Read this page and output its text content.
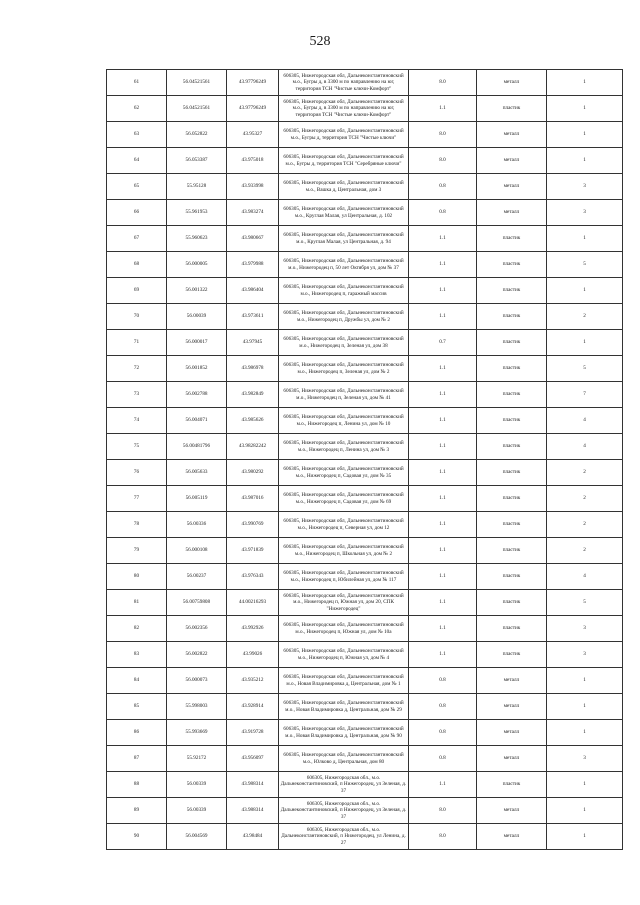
528
61	56.04521561	43.97796249	606305, Нижегородская обл, Дальнеконстантиновский м.о., Бугры д, в 3300 м по направлению на юг, территория ТСН "Чистые ключи-Комфорт"	8.0	металл	1
62	56.04521561	43.97796249	606305, Нижегородская обл, Дальнеконстантиновский м.о., Бугры д, в 3300 м по направлению на юг, территория ТСН "Чистые ключи-Комфорт"	1.1	пластик	1
63	56.052822	43.95327	606305, Нижегородская обл, Дальнеконстантиновский м.о., Бугры д, территория ТСН "Чистые ключи"	8.0	металл	1
64	56.053387	43.975018	606305, Нижегородская обл, Дальнеконстантиновский м.о., Бугры д, территория ТСН "Серебряные ключи"	8.0	металл	1
65	55.95128	43.933998	606305, Нижегородская обл, Дальнеконстантиновский м.о., Вашка д, Центральная, дом 3	0.8	металл	3
66	55.961953	43.983274	606305, Нижегородская обл, Дальнеконстантиновский м.о., Круглая Малая, ул Центральная, д. 102	0.8	металл	3
67	55.960623	43.980667	606305, Нижегородская обл, Дальнеконстантиновский м.о., Круглая Малая, ул Центральная, д. 94	1.1	пластик	1
68	56.000005	43.979988	606305, Нижегородская обл, Дальнеконстантиновский м.о., Нижегородец п, 50 лет Октября ул, дом № 37	1.1	пластик	5
69	56.001322	43.986404	606305, Нижегородская обл, Дальнеконстантиновский м.о., Нижегородец п, гаражный массив	1.1	пластик	1
70	56.00039	43.973611	606305, Нижегородская обл, Дальнеконстантиновский м.о., Нижегородец п, Дружбы ул, дом № 2	1.1	пластик	2
71	56.000017	43.97945	606305, Нижегородская обл, Дальнеконстантиновский м.о., Нижегородец п, Зеленая ул, дом 38	0.7	пластик	1
72	56.001852	43.986978	606305, Нижегородская обл, Дальнеконстантиновский м.о., Нижегородец п, Зеленая ул, дом № 2	1.1	пластик	5
73	56.002788	43.982849	606305, Нижегородская обл, Дальнеконстантиновский м.о., Нижегородец п, Зеленая ул, дом № 41	1.1	пластик	7
74	56.004071	43.985626	606305, Нижегородская обл, Дальнеконстантиновский м.о., Нижегородец п, Ленина ул, дом № 10	1.1	пластик	4
75	56.00481796	43.98282242	606305, Нижегородская обл, Дальнеконстантиновский м.о., Нижегородец п, Ленина ул, дом № 3	1.1	пластик	4
76	56.005633	43.980292	606305, Нижегородская обл, Дальнеконстантиновский м.о., Нижегородец п, Садовая ул, дом № 35	1.1	пластик	2
77	56.005119	43.987016	606305, Нижегородская обл, Дальнеконстантиновский м.о., Нижегородец п, Садовая ул, дом № 69	1.1	пластик	2
78	56.00336	43.990769	606305, Нижегородская обл, Дальнеконстантиновский м.о., Нижегородец п, Северная ул, дом 12	1.1	пластик	2
79	56.000108	43.971839	606305, Нижегородская обл, Дальнеконстантиновский м.о., Нижегородец п, Школьная ул, дом № 2	1.1	пластик	2
80	56.00237	43.976343	606305, Нижегородская обл, Дальнеконстантиновский м.о., Нижегородец п, Юбилейная ул, дом № 117	1.1	пластик	4
81	56.00759808	44.00216293	606305, Нижегородская обл, Дальнеконстантиновский м.о., Нижегородец п, Южная ул, дом 20, СПК "Нижегородец"	1.1	пластик	5
82	56.002356	43.992926	606305, Нижегородская обл, Дальнеконстантиновский м.о., Нижегородец п, Южная ул, дом № 10а	1.1	пластик	3
83	56.002822	43.99026	606305, Нижегородская обл, Дальнеконстантиновский м.о., Нижегородец п, Южная ул, дом № 4	1.1	пластик	3
84	56.000073	43.935212	606305, Нижегородская обл, Дальнеконстантиновский м.о., Новая Владимировка д, Центральная, дом № 1	0.8	металл	1
85	55.998003	43.928914	606305, Нижегородская обл, Дальнеконстантиновский м.о., Новая Владимировка д, Центральная, дом № 29	0.8	металл	1
86	55.993669	43.919728	606305, Нижегородская обл, Дальнеконстантиновский м.о., Новая Владимировка д, Центральная, дом № 90	0.8	металл	1
87	55.92172	43.956097	606305, Нижегородская обл, Дальнеконстантиновский м.о., Юлково д, Центральная, дом 80	0.8	металл	3
88	56.00339	43.988314	606305, Нижегородская обл., м.о. Дальнеконстантиновский, п Нижегородец, ул Зеленая, д. 37	1.1	пластик	1
89	56.00339	43.988314	606305, Нижегородская обл., м.о. Дальнеконстантиновский, п Нижегородец, ул Зеленая, д. 37	8.0	металл	1
90	56.004569	43.98484	606305, Нижегородская обл., м.о. Дальнеконстантиновский, п Нижегородец, ул Ленина, д. 27	8.0	металл	1
